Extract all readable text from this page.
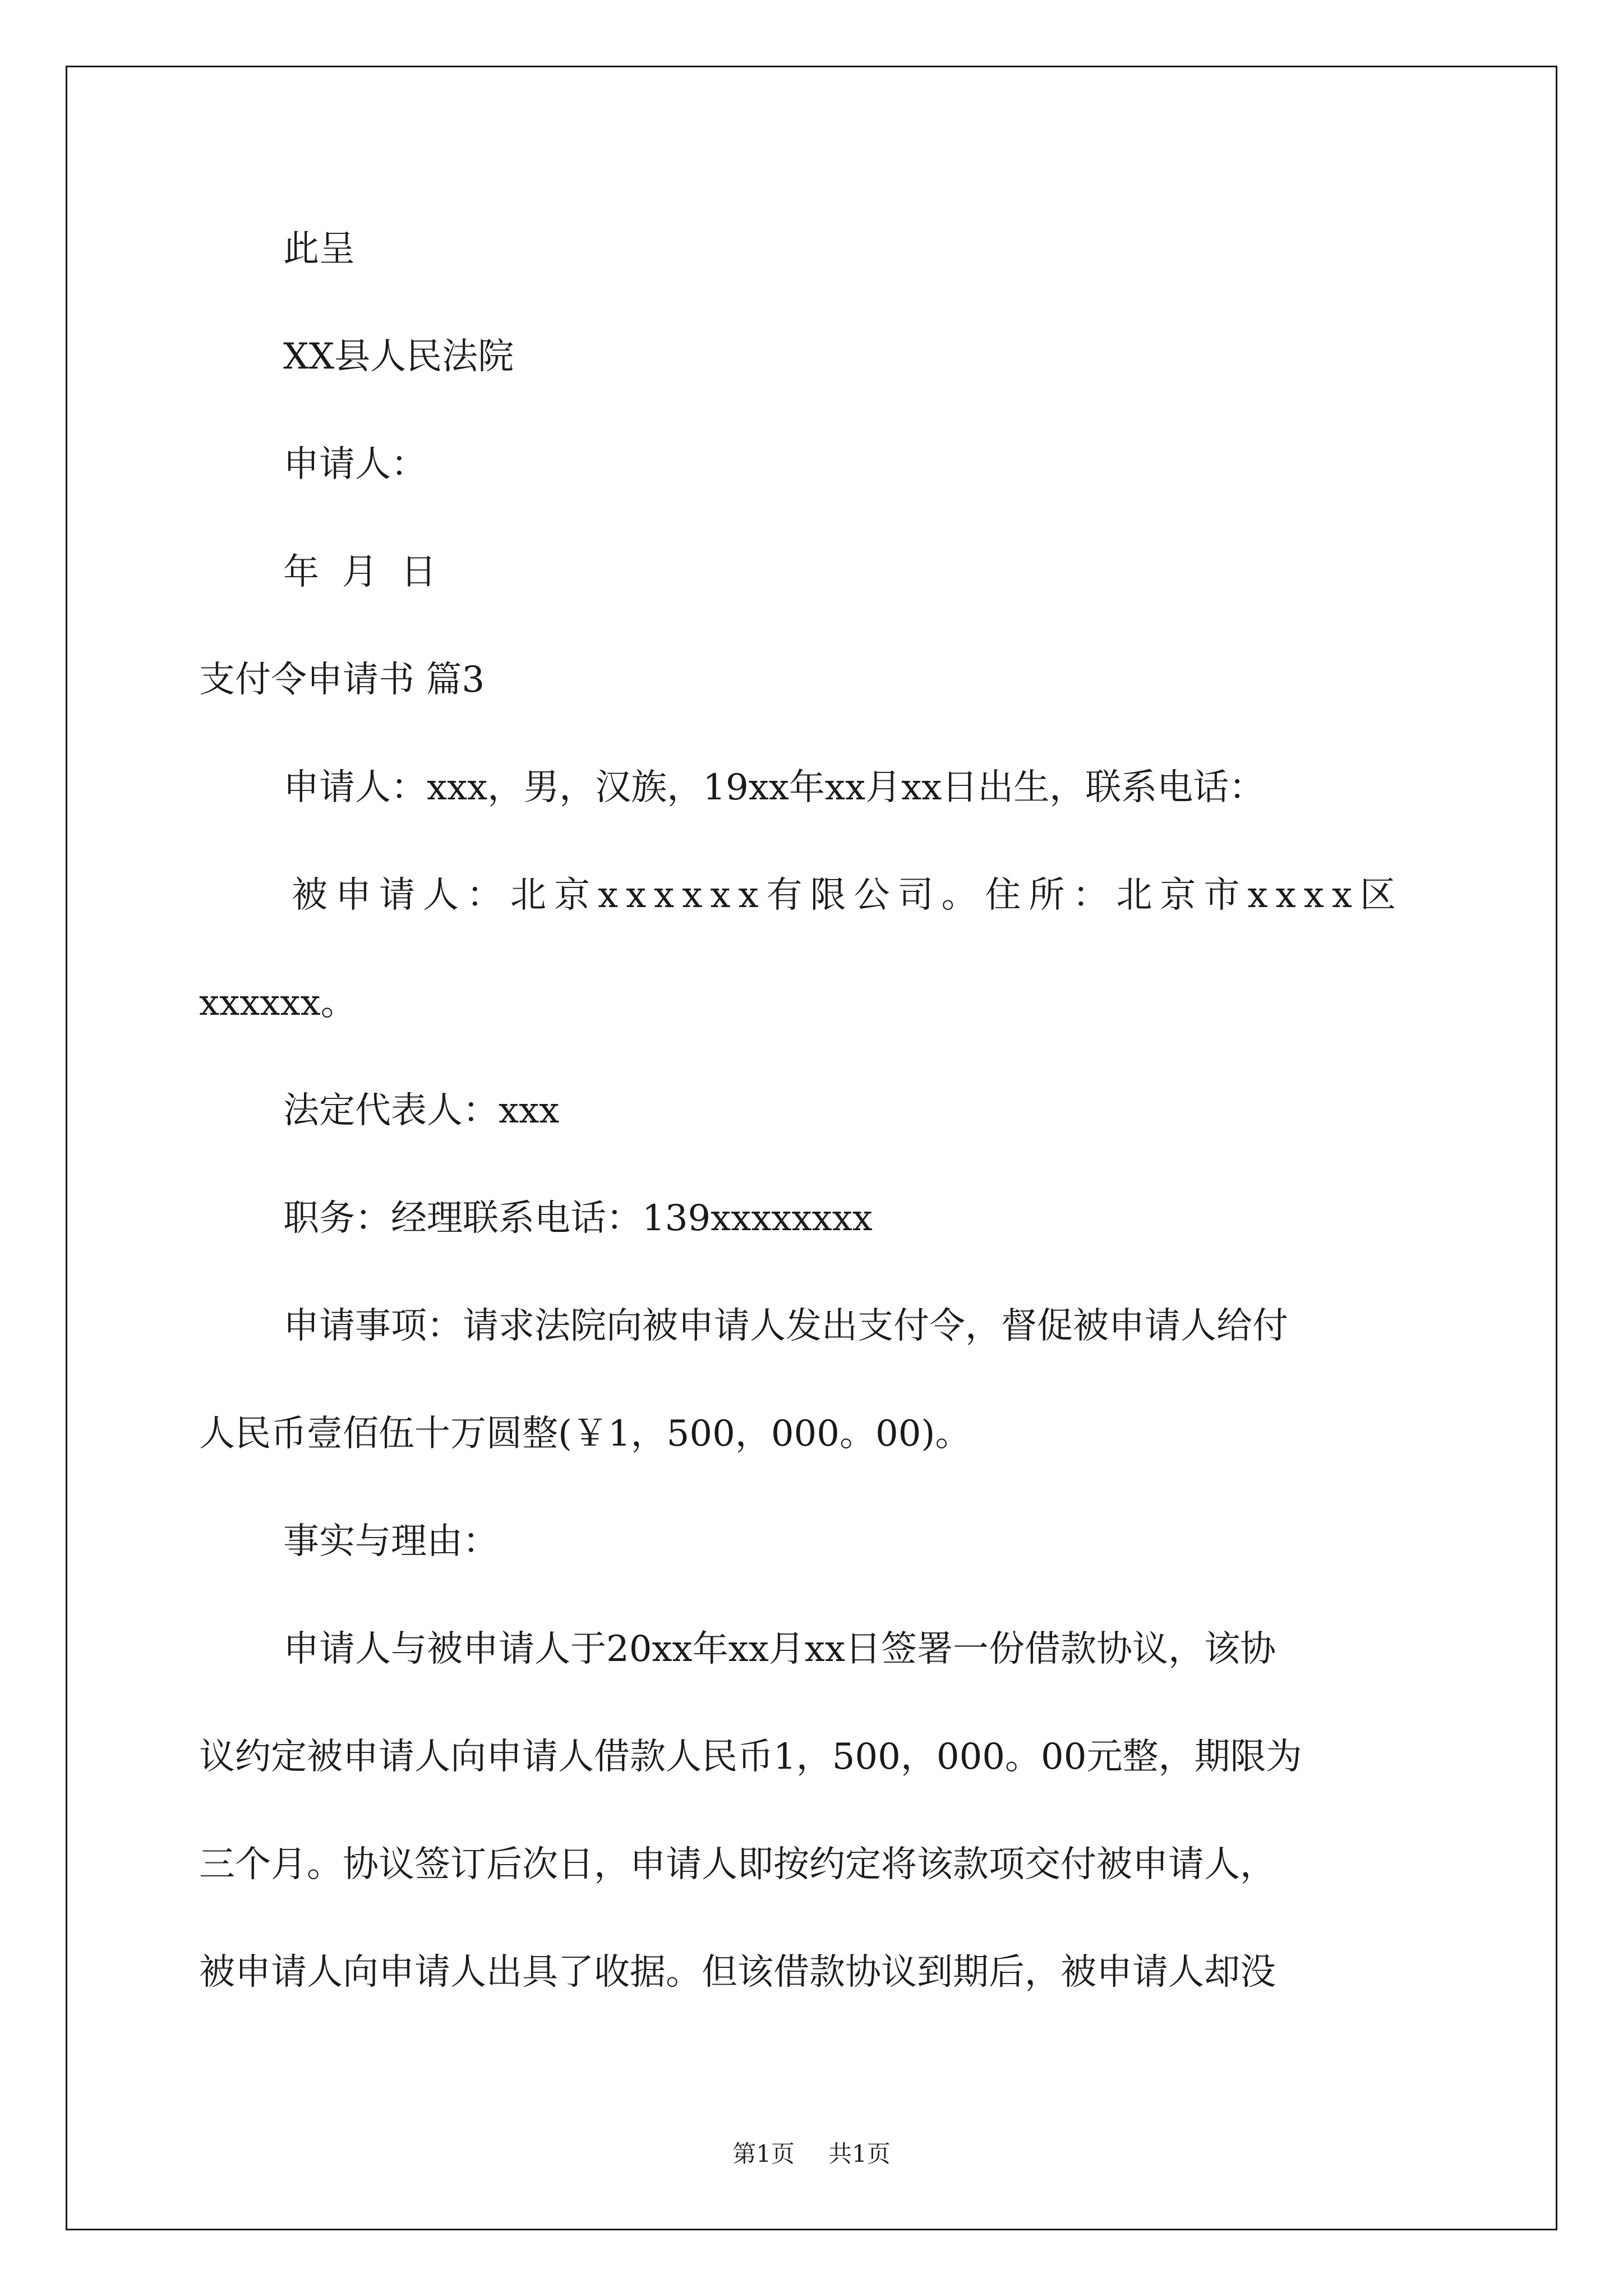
此呈

XX县人民法院

申请人：

年  月  日

支付令申请书 篇3

申请人：xxx，男，汉族，19xx年xx月xx日出生，联系电话：

被申请人：北京xxxxxx有限公司。住所：北京市xxxx区

xxxxxx。

法定代表人：xxx

职务：经理联系电话：139xxxxxxxx

申请事项：请求法院向被申请人发出支付令，督促被申请人给付

人民币壹佰伍十万圆整(￥1，500，000。00)。

事实与理由：

申请人与被申请人于20xx年xx月xx日签署一份借款协议，该协

议约定被申请人向申请人借款人民币1，500，000。00元整，期限为

三个月。协议签订后次日，申请人即按约定将该款项交付被申请人，

被申请人向申请人出具了收据。但该借款协议到期后，被申请人却没

第1页 共1页
